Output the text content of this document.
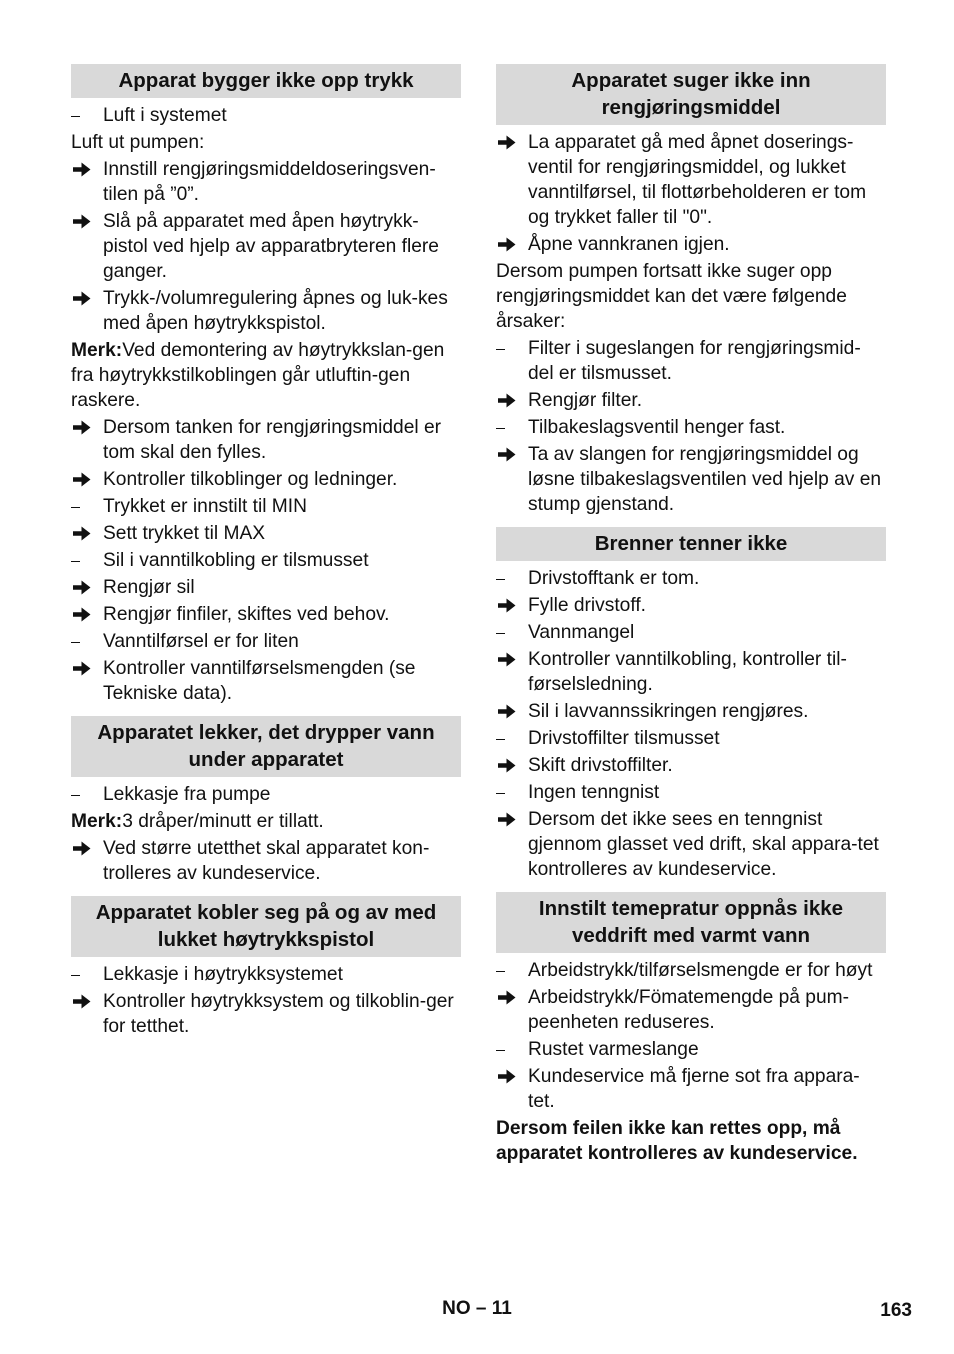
Apparat bygger ikke opp trykk
Luft i systemet
Luft ut pumpen:
Innstill rengjøringsmiddeldoseringsven-tilen på ”0”.
Slå på apparatet med åpen høytrykk-pistol ved hjelp av apparatbryteren flere ganger.
Trykk-/volumregulering åpnes og luk-kes med åpen høytrykkspistol.
Merk:Ved demontering av høytrykkslan-gen fra høytrykkstilkoblingen går utluftin-gen raskere.
Dersom tanken for rengjøringsmiddel er tom skal den fylles.
Kontroller tilkoblinger og ledninger.
Trykket er innstilt til MIN
Sett trykket til MAX
Sil i vanntilkobling er tilsmusset
Rengjør sil
Rengjør finfiler, skiftes ved behov.
Vanntilførsel er for liten
Kontroller vanntilførselsmengden (se Tekniske data).
Apparatet lekker, det drypper vann under apparatet
Lekkasje fra pumpe
Merk:3 dråper/minutt er tillatt.
Ved større utetthet skal apparatet kon-trolleres av kundeservice.
Apparatet kobler seg på og av med lukket høytrykkspistol
Lekkasje i høytrykksystemet
Kontroller høytrykksystem og tilkoblin-ger for tetthet.
Apparatet suger ikke inn rengjøringsmiddel
La apparatet gå med åpnet doserings-ventil for rengjøringsmiddel, og lukket vanntilførsel, til flottørbeholderen er tom og trykket faller til "0".
Åpne vannkranen igjen.
Dersom pumpen fortsatt ikke suger opp rengjøringsmiddet kan det være følgende årsaker:
Filter i sugeslangen for rengjøringsmid-del er tilsmusset.
Rengjør filter.
Tilbakeslagsventil henger fast.
Ta av slangen for rengjøringsmiddel og løsne tilbakeslagsventilen ved hjelp av en stump gjenstand.
Brenner tenner ikke
Drivstofftank er tom.
Fylle drivstoff.
Vannmangel
Kontroller vanntilkobling, kontroller til-førselsledning.
Sil i lavvannssikringen rengjøres.
Drivstoffilter tilsmusset
Skift drivstoffilter.
Ingen tenngnist
Dersom det ikke sees en tenngnist gjennom glasset ved drift, skal appara-tet kontrolleres av kundeservice.
Innstilt temepratur oppnås ikke veddrift med varmt vann
Arbeidstrykk/tilførselsmengde er for høyt
Arbeidstrykk/Fömatemengde på pum-peenheten reduseres.
Rustet varmeslange
Kundeservice må fjerne sot fra appara-tet.
Dersom feilen ikke kan rettes opp, må apparatet kontrolleres av kundeservice.
NO – 11	163
